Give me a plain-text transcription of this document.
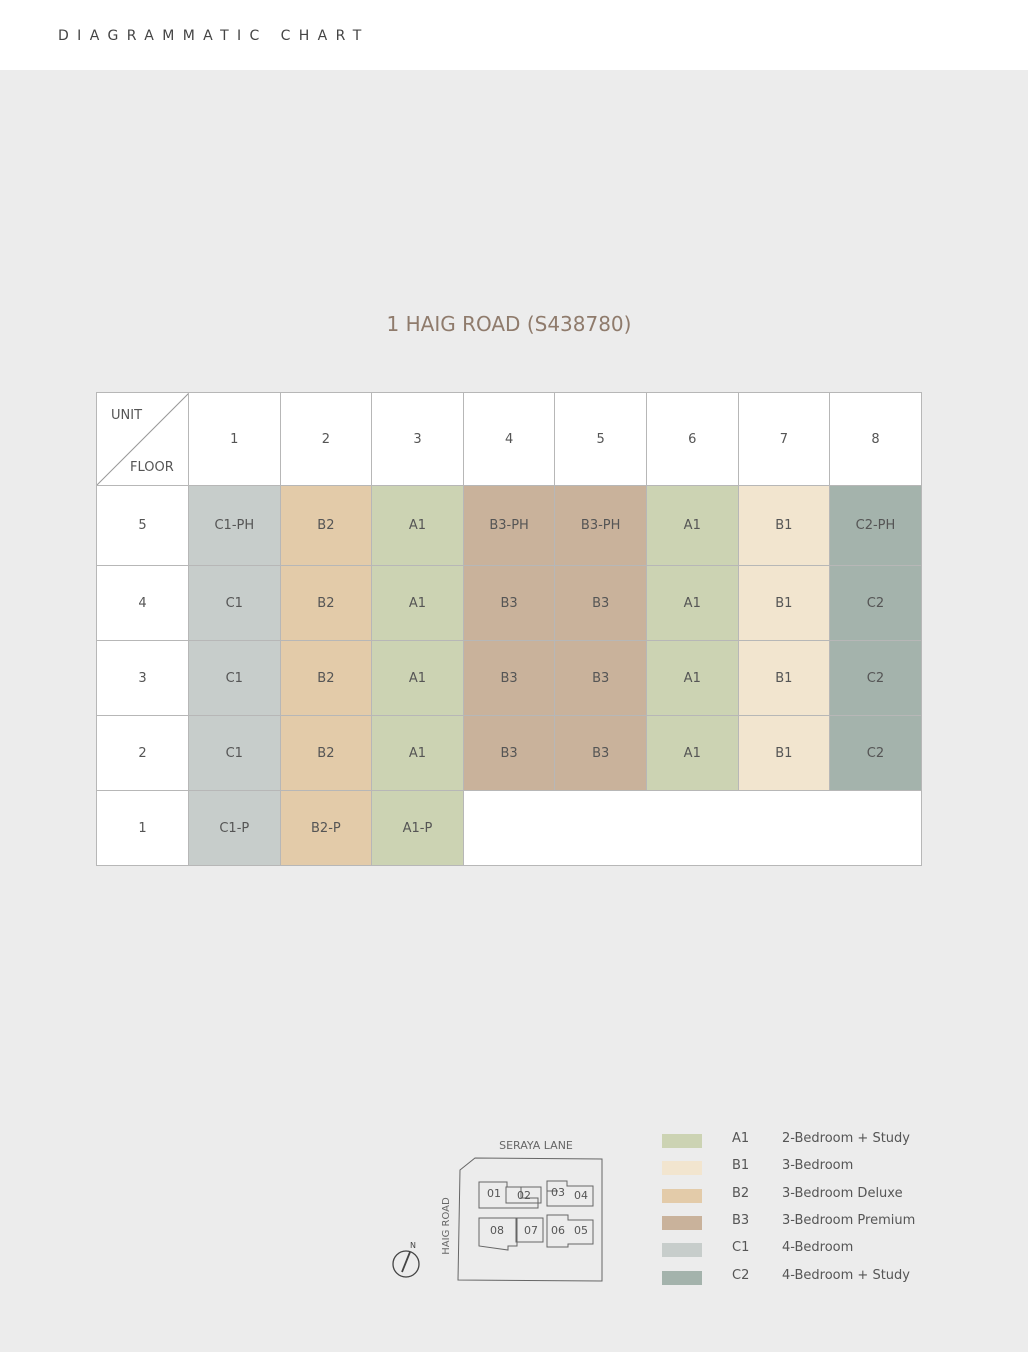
DIAGRAMMATIC CHART
1 HAIG ROAD (S438780)
UNIT
FLOOR	1	2	3	4	5	6	7	8
5	C1-PH	B2	A1	B3-PH	B3-PH	A1	B1	C2-PH
4	C1	B2	A1	B3	B3	A1	B1	C2
3	C1	B2	A1	B3	B3	A1	B1	C2
2	C1	B2	A1	B3	B3	A1	B1	C2
1	C1-P	B2-P	A1-P					
A1	2-Bedroom + Study
B1	3-Bedroom
B2	3-Bedroom Deluxe
B3	3-Bedroom Premium
C1	4-Bedroom
C2	4-Bedroom + Study
SERAYA LANE
HAIG ROAD
01 02 03 04
08 07 06 05
N
